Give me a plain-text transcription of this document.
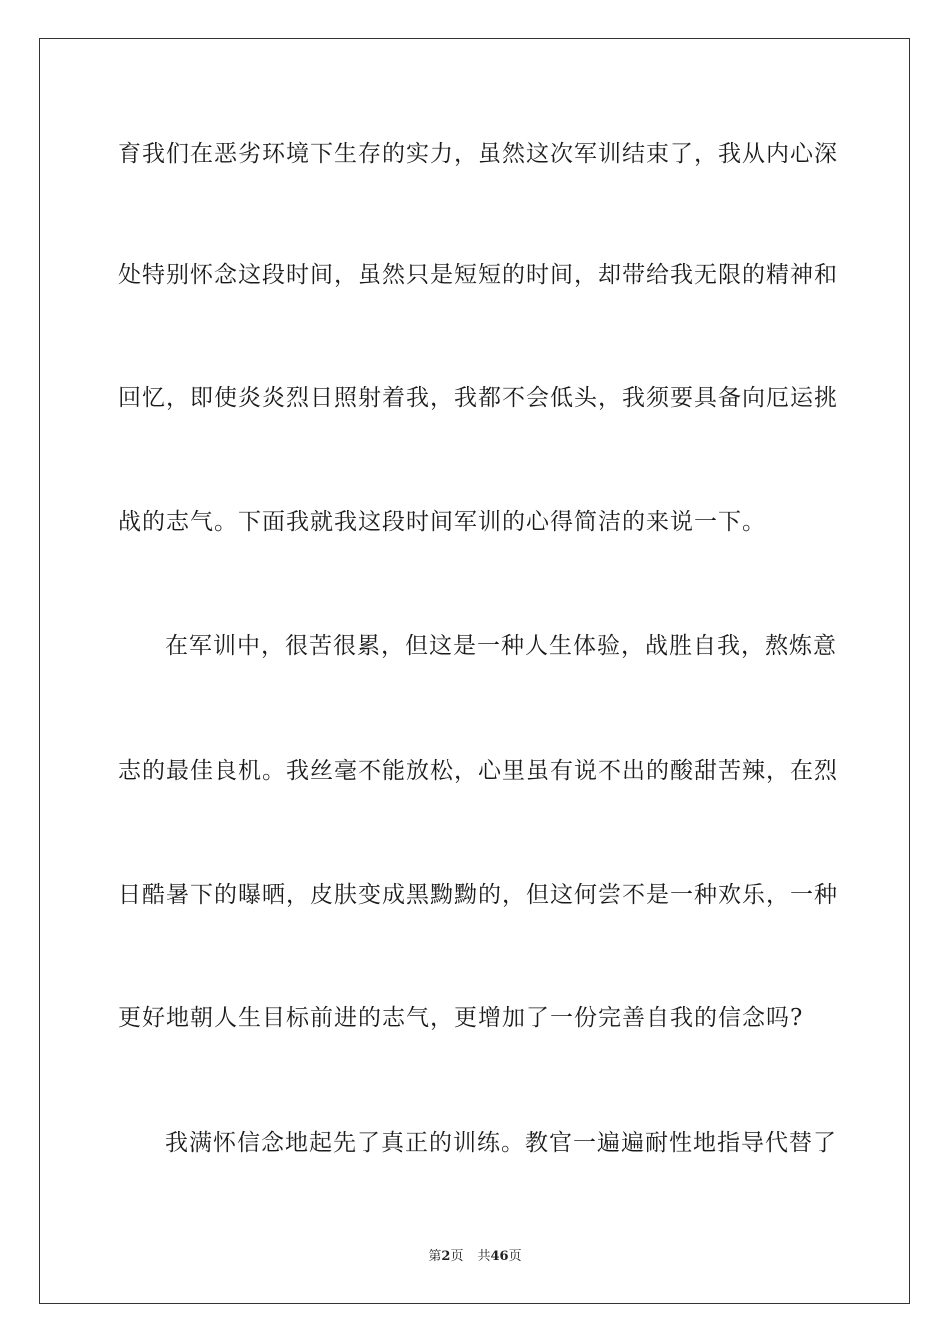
育我们在恶劣环境下生存的实力，虽然这次军训结束了，我从内心深
处特别怀念这段时间，虽然只是短短的时间，却带给我无限的精神和
回忆，即使炎炎烈日照射着我，我都不会低头，我须要具备向厄运挑
战的志气。下面我就我这段时间军训的心得简洁的来说一下。
在军训中，很苦很累，但这是一种人生体验，战胜自我，熬炼意
志的最佳良机。我丝毫不能放松，心里虽有说不出的酸甜苦辣，在烈
日酷暑下的曝晒，皮肤变成黑黝黝的，但这何尝不是一种欢乐，一种
更好地朝人生目标前进的志气，更增加了一份完善自我的信念吗?
我满怀信念地起先了真正的训练。教官一遍遍耐性地指导代替了
第2页 共46页
